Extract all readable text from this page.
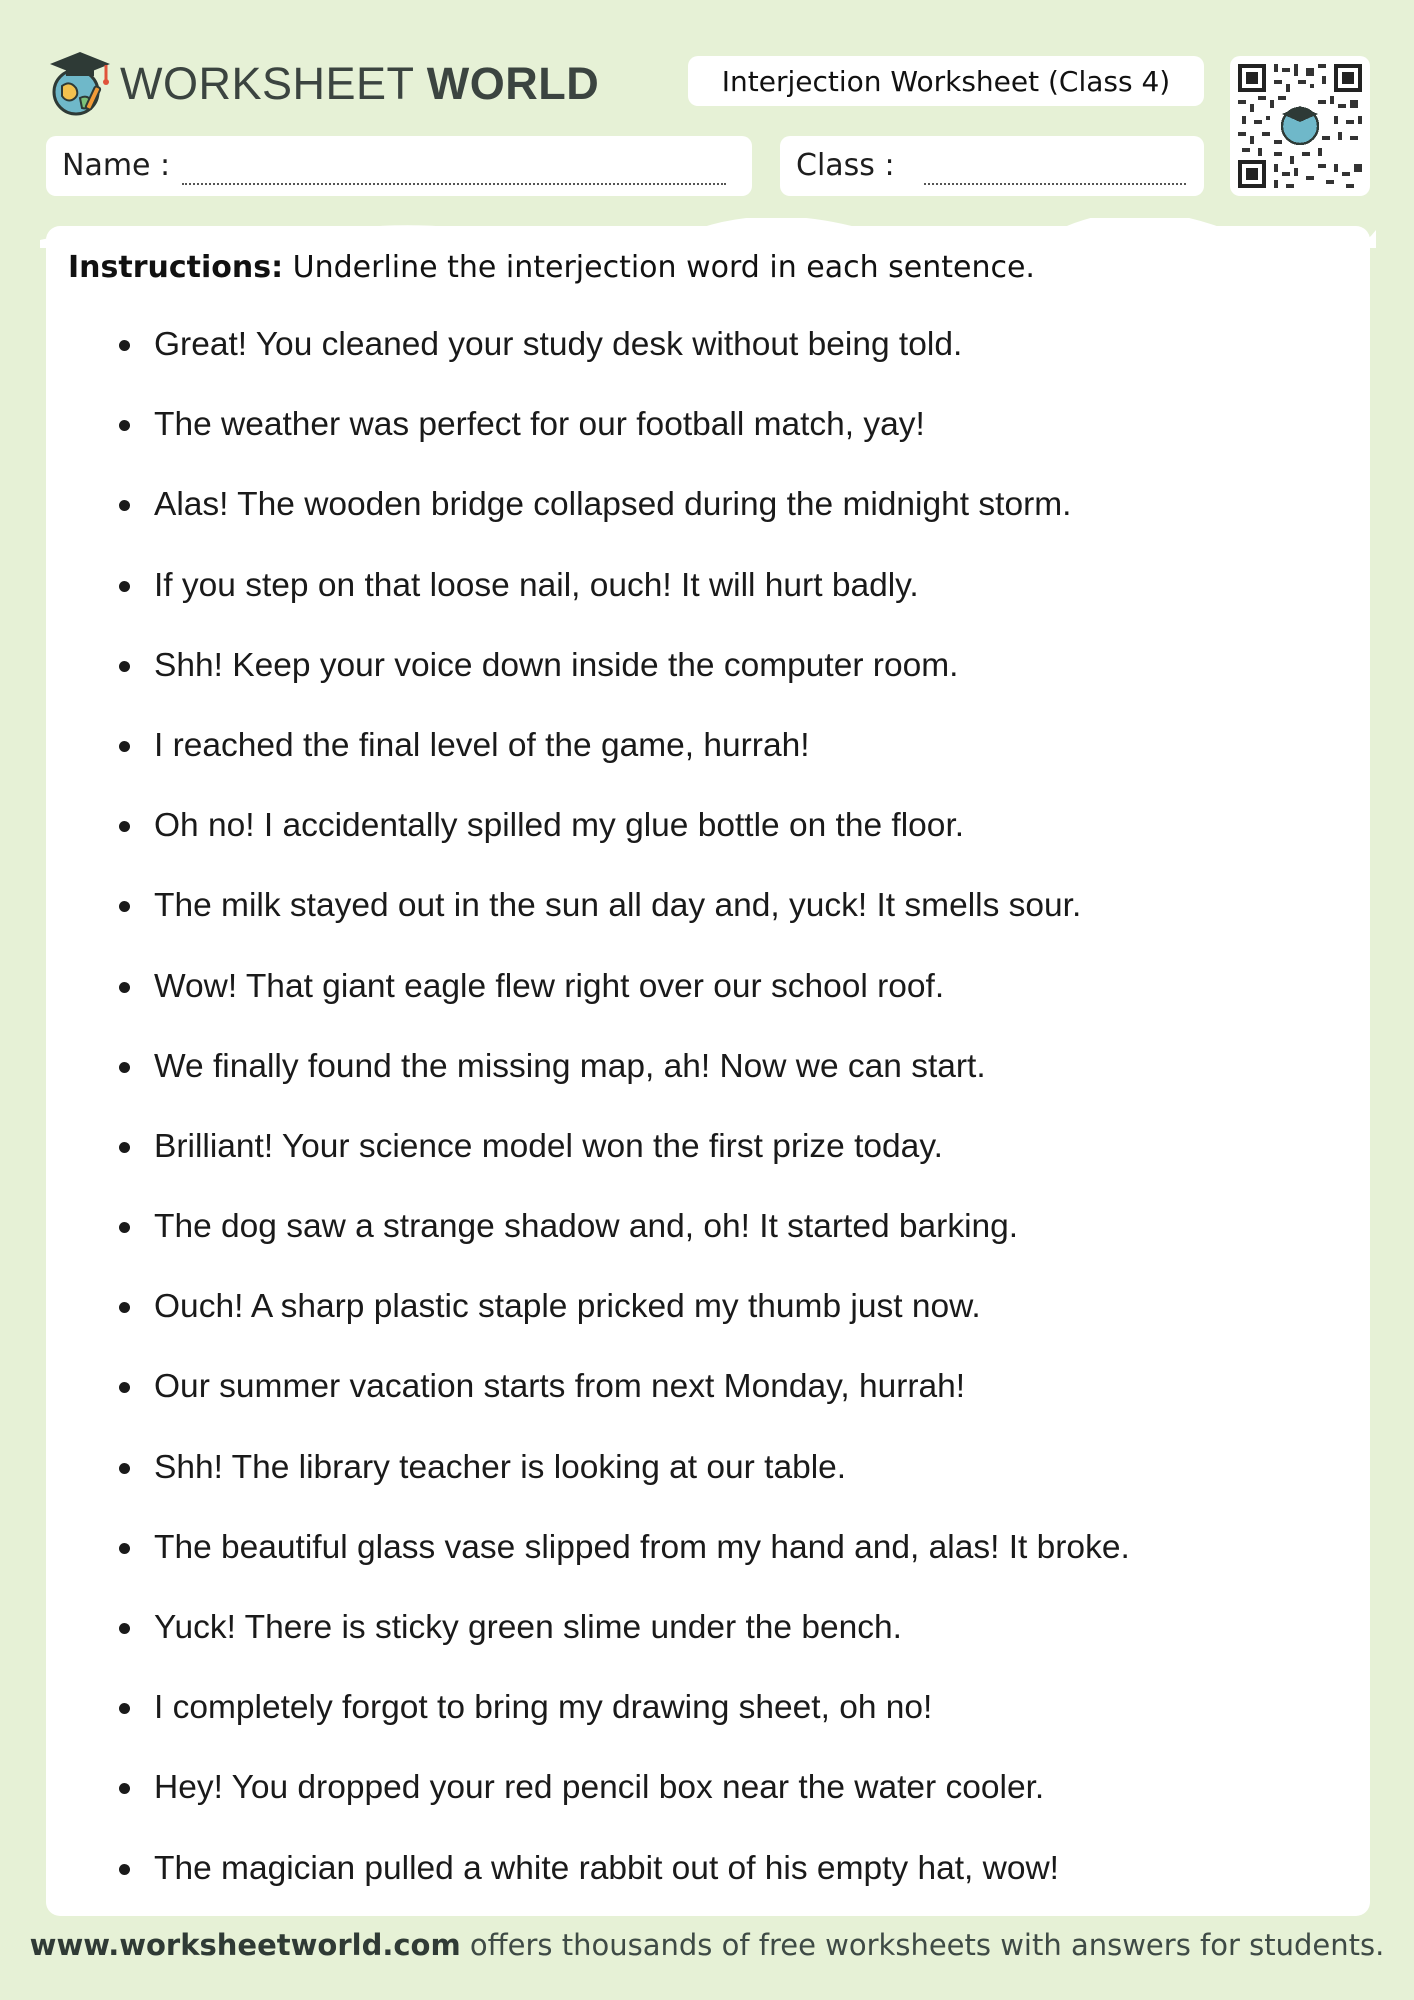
WORKSHEET WORLD	Interjection Worksheet (Class 4)
Name :	Class :
Instructions: Underline the interjection word in each sentence.
Great! You cleaned your study desk without being told.
The weather was perfect for our football match, yay!
Alas! The wooden bridge collapsed during the midnight storm.
If you step on that loose nail, ouch! It will hurt badly.
Shh! Keep your voice down inside the computer room.
I reached the final level of the game, hurrah!
Oh no! I accidentally spilled my glue bottle on the floor.
The milk stayed out in the sun all day and, yuck! It smells sour.
Wow! That giant eagle flew right over our school roof.
We finally found the missing map, ah! Now we can start.
Brilliant! Your science model won the first prize today.
The dog saw a strange shadow and, oh! It started barking.
Ouch! A sharp plastic staple pricked my thumb just now.
Our summer vacation starts from next Monday, hurrah!
Shh! The library teacher is looking at our table.
The beautiful glass vase slipped from my hand and, alas! It broke.
Yuck! There is sticky green slime under the bench.
I completely forgot to bring my drawing sheet, oh no!
Hey! You dropped your red pencil box near the water cooler.
The magician pulled a white rabbit out of his empty hat, wow!
www.worksheetworld.com offers thousands of free worksheets with answers for students.
